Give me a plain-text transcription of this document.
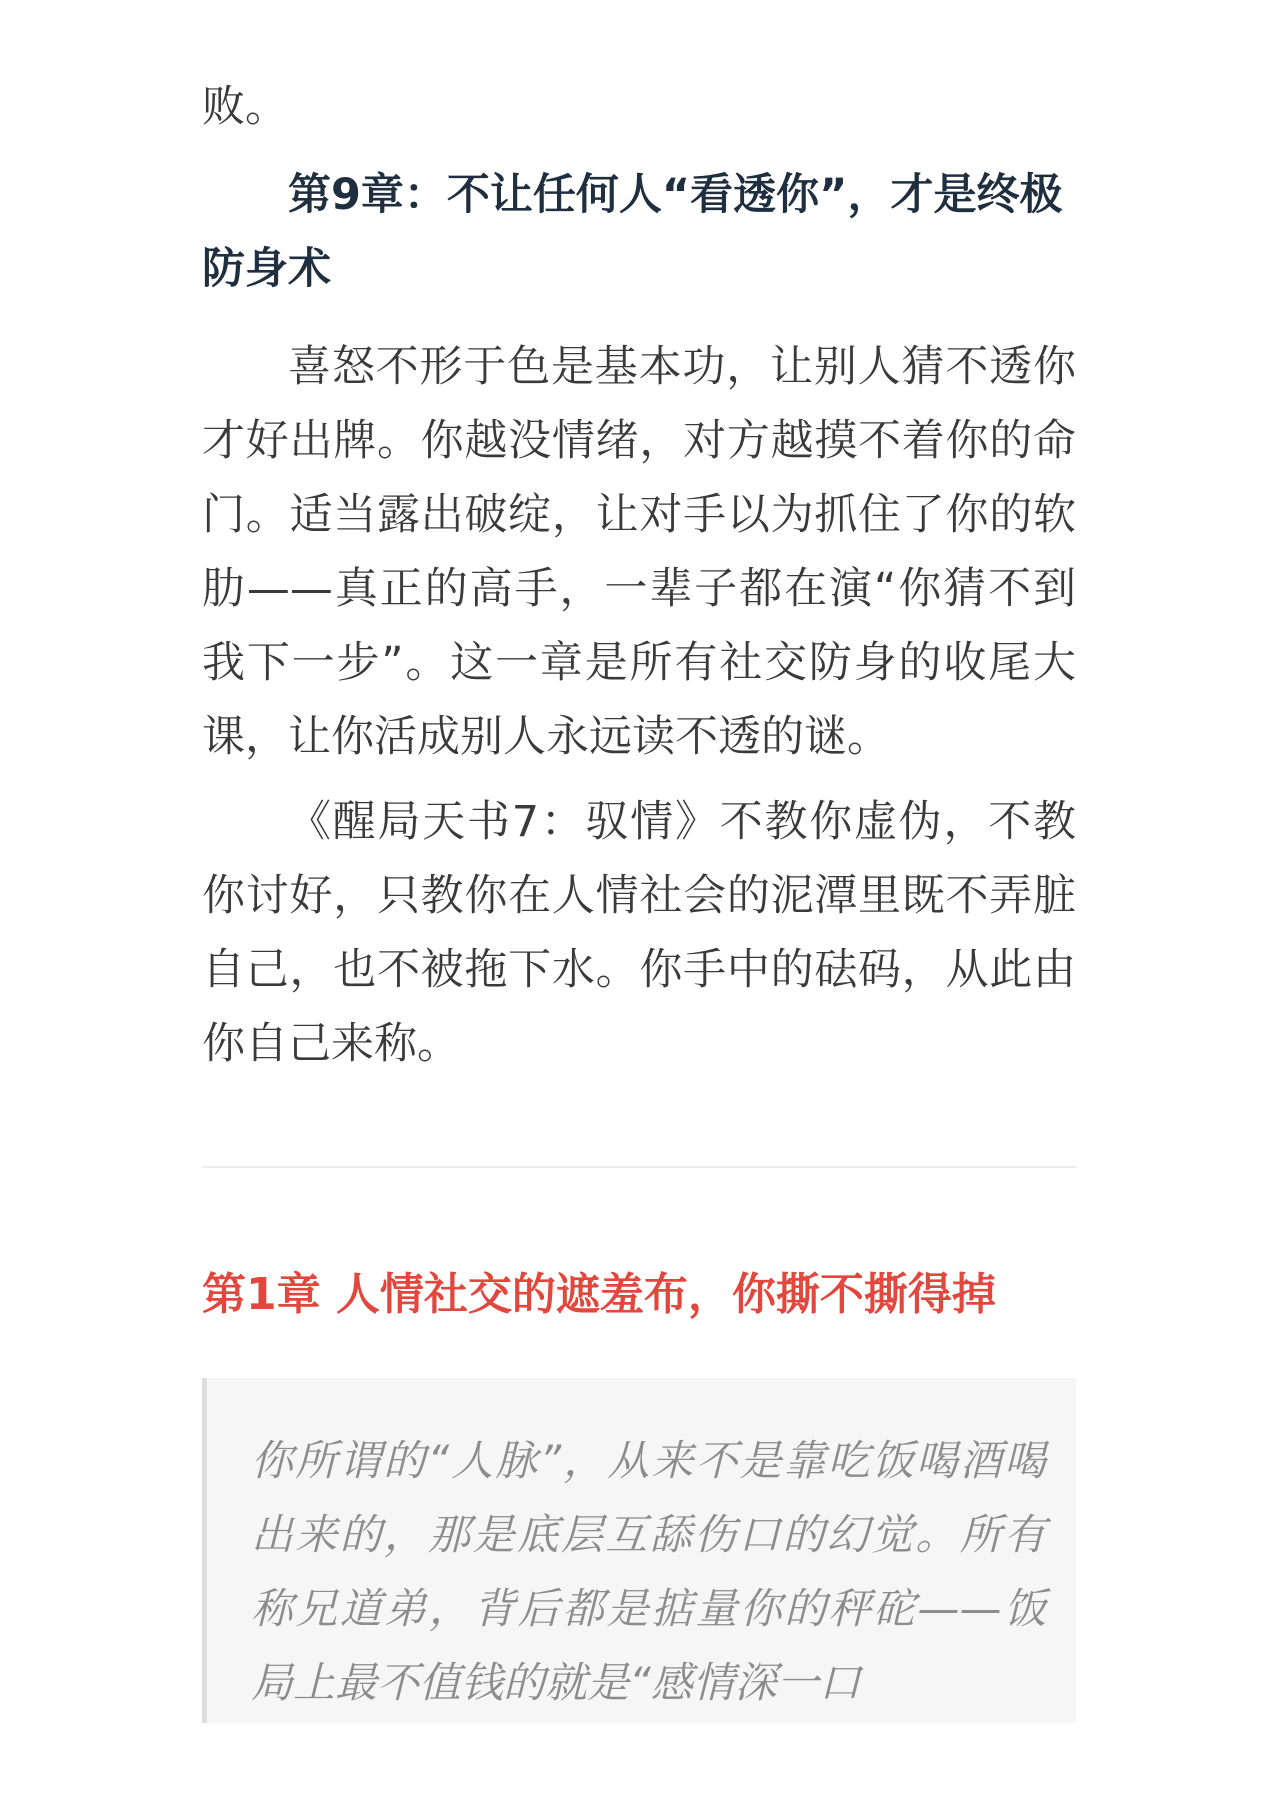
败。

第9章：不让任何人“看透你”，才是终极防身术

喜怒不形于色是基本功，让别人猜不透你才好出牌。你越没情绪，对方越摸不着你的命门。适当露出破绽，让对手以为抓住了你的软肋——真正的高手，一辈子都在演“你猜不到我下一步”。这一章是所有社交防身的收尾大课，让你活成别人永远读不透的谜。

《醒局天书7：驭情》不教你虚伪，不教你讨好，只教你在人情社会的泥潭里既不弄脏自己，也不被拖下水。你手中的砝码，从此由你自己来称。

第1章 人情社交的遮羞布，你撕不撕得掉

你所谓的“人脉”，从来不是靠吃饭喝酒喝出来的，那是底层互舔伤口的幻觉。所有称兄道弟，背后都是掂量你的秤砣——饭局上最不值钱的就是“感情深一口
